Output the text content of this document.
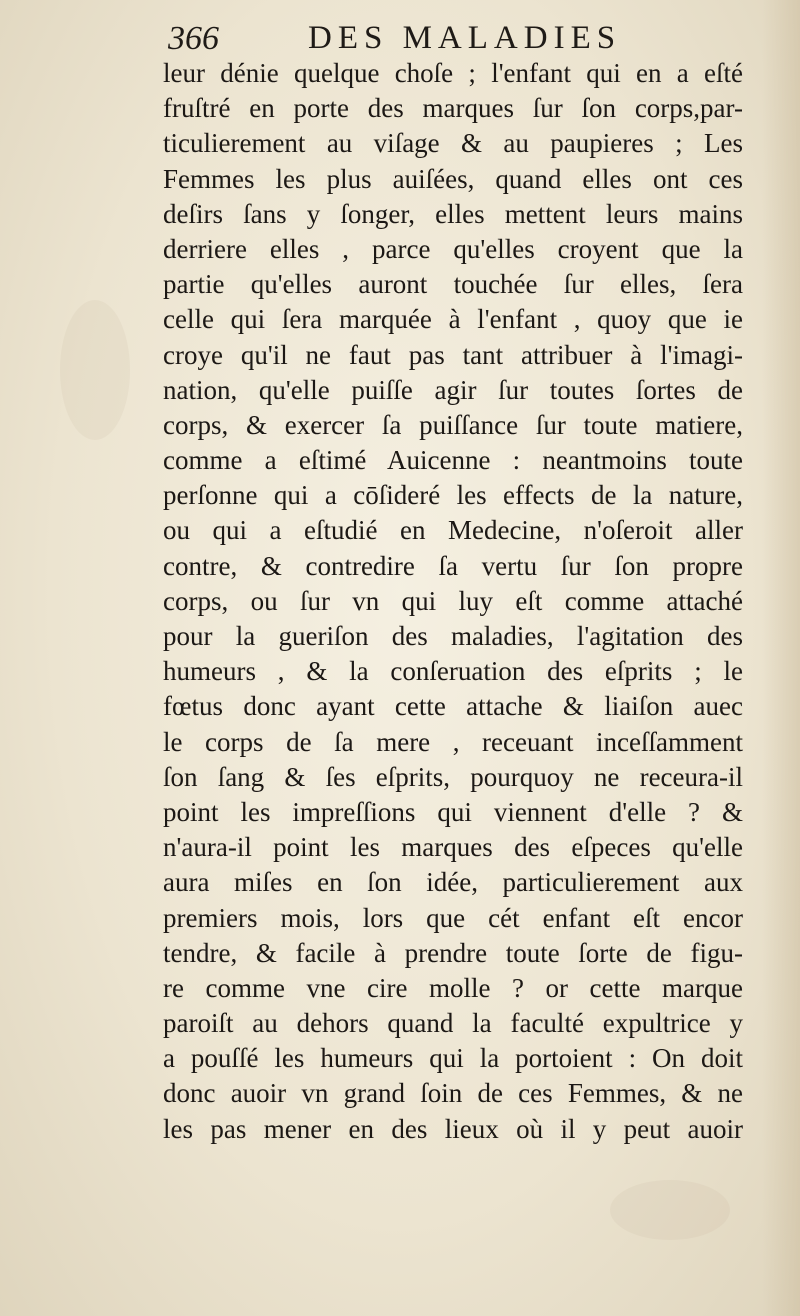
366	DES MALADIES
leur dénie quelque choſe ; l'enfant qui en a eſté
fruſtré en porte des marques ſur ſon corps,par-
ticulierement au viſage & au paupieres ; Les
Femmes les plus auiſées, quand elles ont ces
deſirs ſans y ſonger, elles mettent leurs mains
derriere elles , parce qu'elles croyent que la
partie qu'elles auront touchée ſur elles, ſera
celle qui ſera marquée à l'enfant , quoy que ie
croye qu'il ne faut pas tant attribuer à l'imagi-
nation, qu'elle puiſſe agir ſur toutes ſortes de
corps, & exercer ſa puiſſance ſur toute matiere,
comme a eſtimé Auicenne : neantmoins toute
perſonne qui a cōſideré les effects de la nature,
ou qui a eſtudié en Medecine, n'oſeroit aller
contre, & contredire ſa vertu ſur ſon propre
corps, ou ſur vn qui luy eſt comme attaché
pour la gueriſon des maladies, l'agitation des
humeurs , & la conſeruation des eſprits ; le
fœtus donc ayant cette attache & liaiſon auec
le corps de ſa mere , receuant inceſſamment
ſon ſang & ſes eſprits, pourquoy ne receura-il
point les impreſſions qui viennent d'elle ? &
n'aura-il point les marques des eſpeces qu'elle
aura miſes en ſon idée, particulierement aux
premiers mois, lors que cét enfant eſt encor
tendre, & facile à prendre toute ſorte de figu-
re comme vne cire molle ? or cette marque
paroiſt au dehors quand la faculté expultrice y
a pouſſé les humeurs qui la portoient : On doit
donc auoir vn grand ſoin de ces Femmes, & ne
les pas mener en des lieux où il y peut auoir
